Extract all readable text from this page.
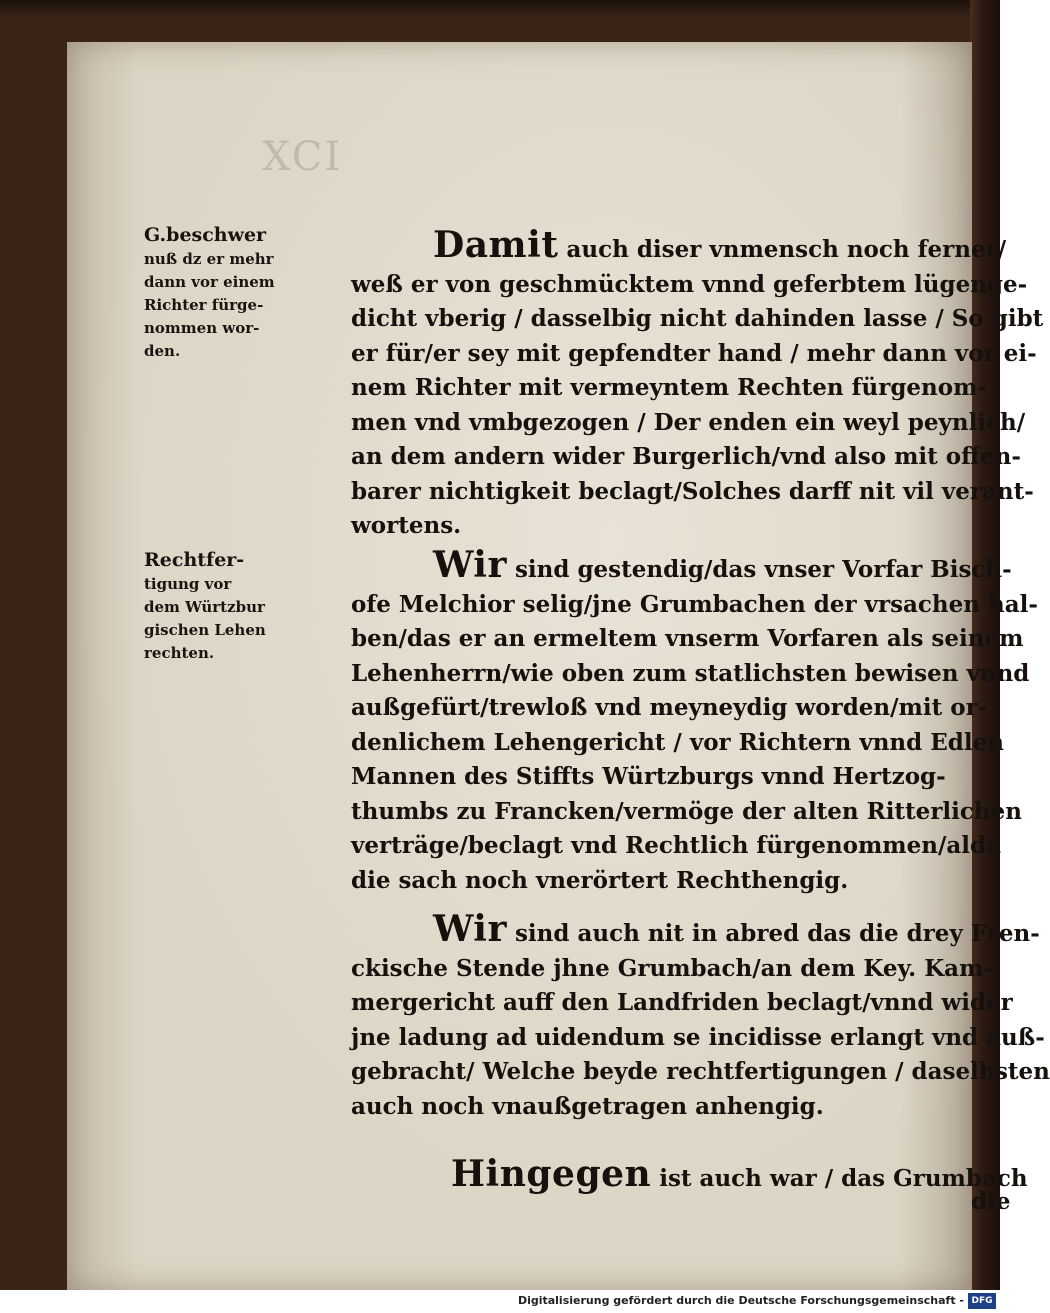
XCI
G.beschwer
nuß dz er mehr
dann vor einem
Richter fürge-
nommen wor-
den.
Rechtfer-
tigung vor
dem Würtzbur
gischen Lehen
rechten.
Damit auch diser vnmensch noch ferner/
weß er von geschmücktem vnnd geferbtem lügenge-
dicht vberig / dasselbig nicht dahinden lasse / So gibt
er für/er sey mit gepfendter hand / mehr dann vor ei-
nem Richter mit vermeyntem Rechten fürgenom-
men vnd vmbgezogen / Der enden ein weyl peynlich/
an dem andern wider Burgerlich/vnd also mit offen-
barer nichtigkeit beclagt/Solches darff nit vil verant-
wortens.
Wir sind gestendig/das vnser Vorfar Bisch-
ofe Melchior selig/jne Grumbachen der vrsachen hal-
ben/das er an ermeltem vnserm Vorfaren als seinem
Lehenherrn/wie oben zum statlichsten bewisen vnnd
außgefürt/trewloß vnd meyneydig worden/mit or-
denlichem Lehengericht / vor Richtern vnnd Edlen
Mannen des Stiffts Würtzburgs vnnd Hertzog-
thumbs zu Francken/vermöge der alten Ritterlichen
verträge/beclagt vnd Rechtlich fürgenommen/alda
die sach noch vnerörtert Rechthengig.
Wir sind auch nit in abred das die drey Fren-
ckische Stende jhne Grumbach/an dem Key. Kam-
mergericht auff den Landfriden beclagt/vnnd wider
jne ladung ad uidendum se incidisse erlangt vnd auß-
gebracht/ Welche beyde rechtfertigungen / daselbsten
auch noch vnaußgetragen anhengig.
Hingegen ist auch war / das Grumbach
die
Digitalisierung gefördert durch die Deutsche Forschungsgemeinschaft - DFG
